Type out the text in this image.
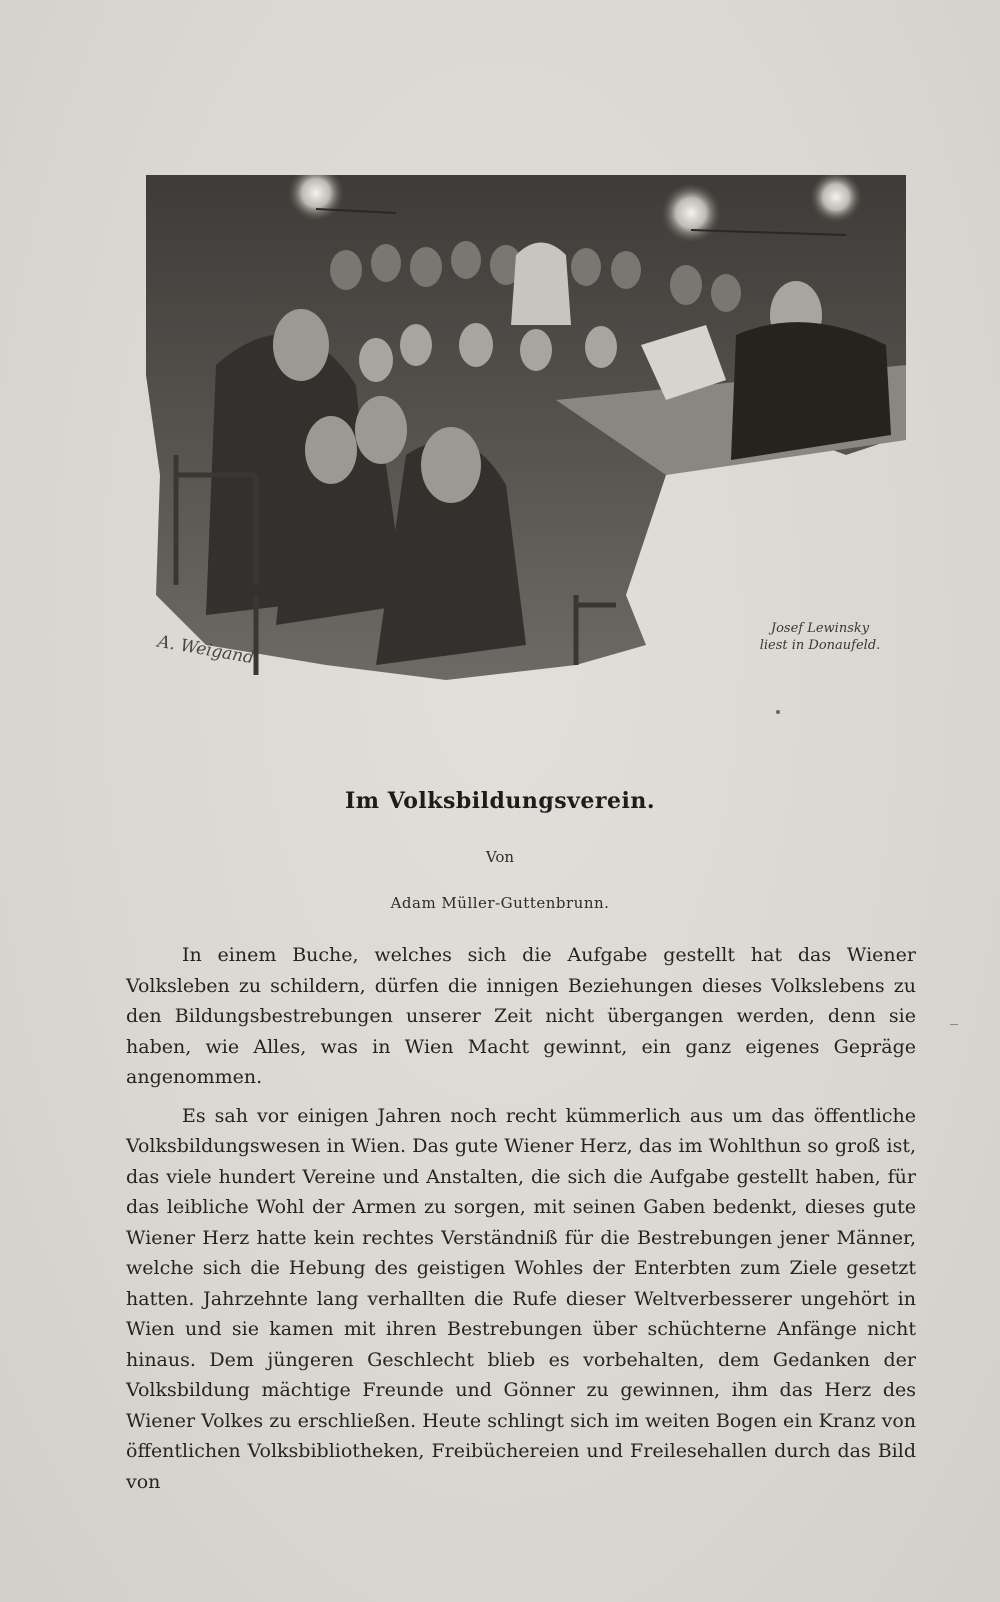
A. Weigand
Josef Lewinsky
liest in Donaufeld.
Im Volksbildungsverein.
Von
Adam Müller-Guttenbrunn.

In einem Buche, welches sich die Aufgabe gestellt hat das Wiener Volksleben zu schildern, dürfen die innigen Beziehungen dieses Volkslebens zu den Bildungsbestrebungen unserer Zeit nicht übergangen werden, denn sie haben, wie Alles, was in Wien Macht gewinnt, ein ganz eigenes Gepräge angenommen.

Es sah vor einigen Jahren noch recht kümmerlich aus um das öffentliche Volksbildungswesen in Wien. Das gute Wiener Herz, das im Wohlthun so groß ist, das viele hundert Vereine und Anstalten, die sich die Aufgabe gestellt haben, für das leibliche Wohl der Armen zu sorgen, mit seinen Gaben bedenkt, dieses gute Wiener Herz hatte kein rechtes Verständniß für die Bestrebungen jener Männer, welche sich die Hebung des geistigen Wohles der Enterbten zum Ziele gesetzt hatten. Jahrzehnte lang verhallten die Rufe dieser Weltverbesserer ungehört in Wien und sie kamen mit ihren Bestrebungen über schüchterne Anfänge nicht hinaus. Dem jüngeren Geschlecht blieb es vorbehalten, dem Gedanken der Volksbildung mächtige Freunde und Gönner zu gewinnen, ihm das Herz des Wiener Volkes zu erschließen. Heute schlingt sich im weiten Bogen ein Kranz von öffentlichen Volksbibliotheken, Freibüchereien und Freilesehallen durch das Bild von
